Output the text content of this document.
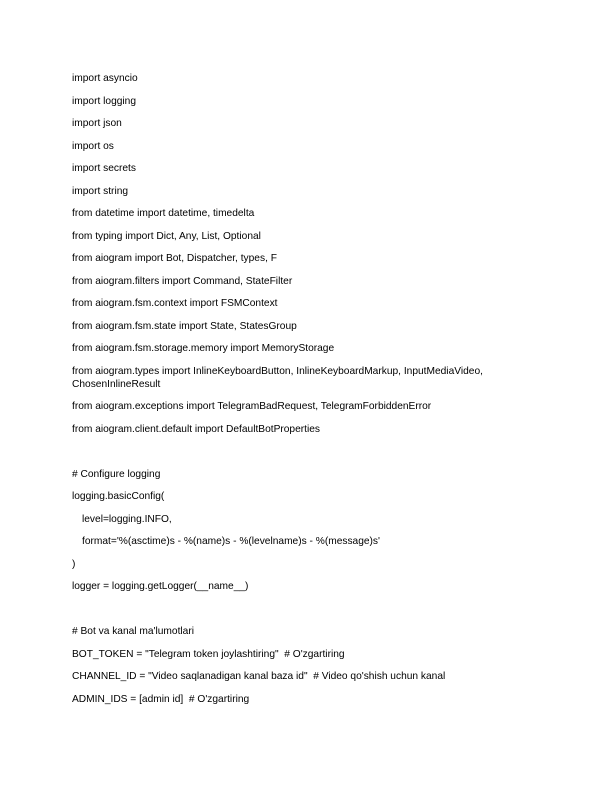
import asyncio
import logging
import json
import os
import secrets
import string
from datetime import datetime, timedelta
from typing import Dict, Any, List, Optional
from aiogram import Bot, Dispatcher, types, F
from aiogram.filters import Command, StateFilter
from aiogram.fsm.context import FSMContext
from aiogram.fsm.state import State, StatesGroup
from aiogram.fsm.storage.memory import MemoryStorage
from aiogram.types import InlineKeyboardButton, InlineKeyboardMarkup, InputMediaVideo, ChosenInlineResult
from aiogram.exceptions import TelegramBadRequest, TelegramForbiddenError
from aiogram.client.default import DefaultBotProperties
# Configure logging
logging.basicConfig(
level=logging.INFO,
format='%(asctime)s - %(name)s - %(levelname)s - %(message)s'
)
logger = logging.getLogger(__name__)
# Bot va kanal ma'lumotlari
BOT_TOKEN = "Telegram token joylashtiring"  # O'zgartiring
CHANNEL_ID = "Video saqlanadigan kanal baza id"  # Video qo'shish uchun kanal
ADMIN_IDS = [admin id]  # O'zgartiring
